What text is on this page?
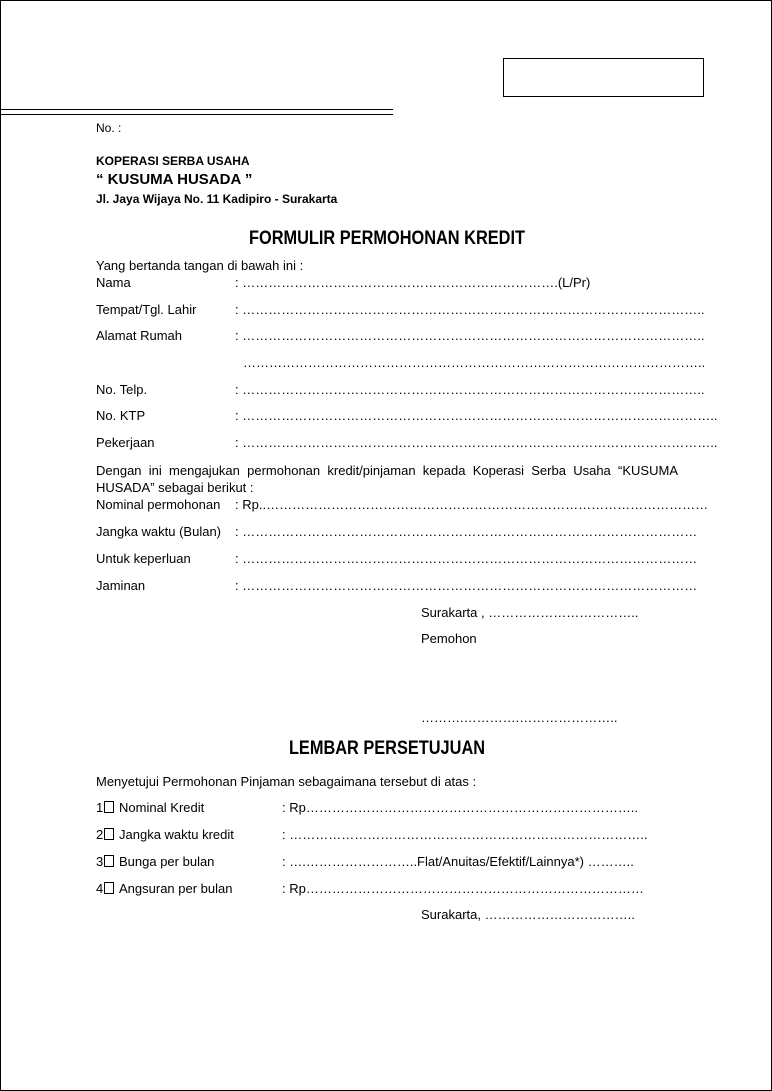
No. :
KOPERASI SERBA USAHA
“ KUSUMA HUSADA ”
Jl. Jaya Wijaya No. 11 Kadipiro - Surakarta
FORMULIR PERMOHONAN KREDIT
Yang bertanda tangan di bawah ini :
Nama	: ……………………………………………………………….(L/Pr)
Tempat/Tgl. Lahir	: ……………………………………………………………………………………………..
Alamat Rumah	: ……………………………………………………………………………………………..
……………………………………………………………………………………………..
No. Telp.	: ……………………………………………………………………………………………..
No. KTP	: ………………………………………………………………………………………………..
Pekerjaan	: ………………………………………………………………………………………………..
Dengan ini mengajukan permohonan kredit/pinjaman kepada Koperasi Serba Usaha “KUSUMA
HUSADA” sebagai berikut :
Nominal permohonan : Rp..…………………………………………………………………………………………
Jangka waktu (Bulan) : ……………………………………………………………………………………………
Untuk keperluan	: ……………………………………………………………………………………………
Jaminan	: ……………………………………………………………………………………………
Surakarta , ……………………………..
Pemohon
……….………….…………………..
LEMBAR PERSETUJUAN
Menyetujui Permohonan Pinjaman sebagaimana tersebut di atas :
1	Nominal Kredit	: Rp…………………………………………………………………..
2	Jangka waktu kredit	: ………………………………………………………………………..
3	Bunga per bulan	: ….……………………..Flat/Anuitas/Efektif/Lainnya*) ………..
4	Angsuran per bulan	: Rp……………………………………………………………………
Surakarta, ……………………………..
